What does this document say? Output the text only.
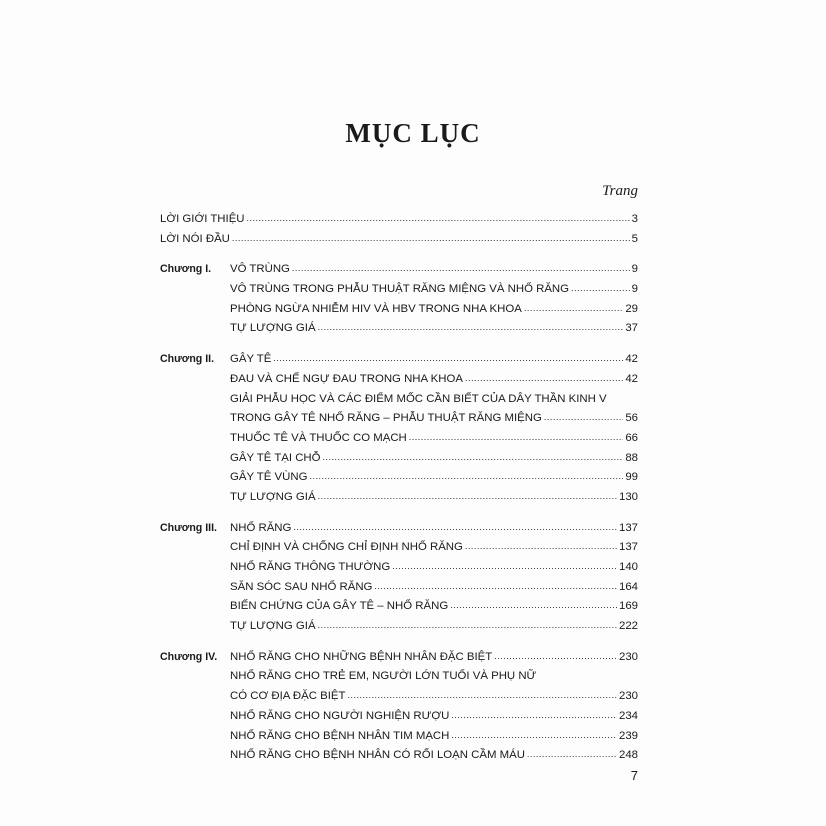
MỤC LỤC
Trang
LỜI GIỚI THIỆU .....	3
LỜI NÓI ĐẦU .....	5
Chương I.	VÔ TRÙNG .....	9
VÔ TRÙNG TRONG PHẪU THUẬT RĂNG MIỆNG VÀ NHỔ RĂNG .....	9
PHÒNG NGỪA NHIỄM HIV VÀ HBV TRONG NHA KHOA .....	29
TỰ LƯỢNG GIÁ .....	37
Chương II.	GÂY TÊ .....	42
ĐAU VÀ CHẾ NGỰ ĐAU TRONG NHA KHOA .....	42
GIẢI PHẪU HỌC VÀ CÁC ĐIỂM MỐC CẦN BIẾT CỦA DÂY THẦN KINH V
TRONG GÂY TÊ NHỔ RĂNG – PHẪU THUẬT RĂNG MIỆNG .....	56
THUỐC TÊ VÀ THUỐC CO MẠCH .....	66
GÂY TÊ TẠI CHỖ .....	88
GÂY TÊ VÙNG .....	99
TỰ LƯỢNG GIÁ .....	130
Chương III.	NHỔ RĂNG .....	137
CHỈ ĐỊNH VÀ CHỐNG CHỈ ĐỊNH NHỔ RĂNG .....	137
NHỔ RĂNG THÔNG THƯỜNG .....	140
SĂN SÓC SAU NHỔ RĂNG .....	164
BIẾN CHỨNG CỦA GÂY TÊ – NHỔ RĂNG .....	169
TỰ LƯỢNG GIÁ .....	222
Chương IV.	NHỔ RĂNG CHO NHỮNG BỆNH NHÂN ĐẶC BIỆT .....	230
NHỔ RĂNG CHO TRẺ EM, NGƯỜI LỚN TUỔI VÀ PHỤ NỮ
CÓ CƠ ĐỊA ĐẶC BIỆT .....	230
NHỔ RĂNG CHO NGƯỜI NGHIỆN RƯỢU .....	234
NHỔ RĂNG CHO BỆNH NHÂN TIM MẠCH .....	239
NHỔ RĂNG CHO BỆNH NHÂN CÓ RỐI LOẠN CẦM MÁU .....	248
7
